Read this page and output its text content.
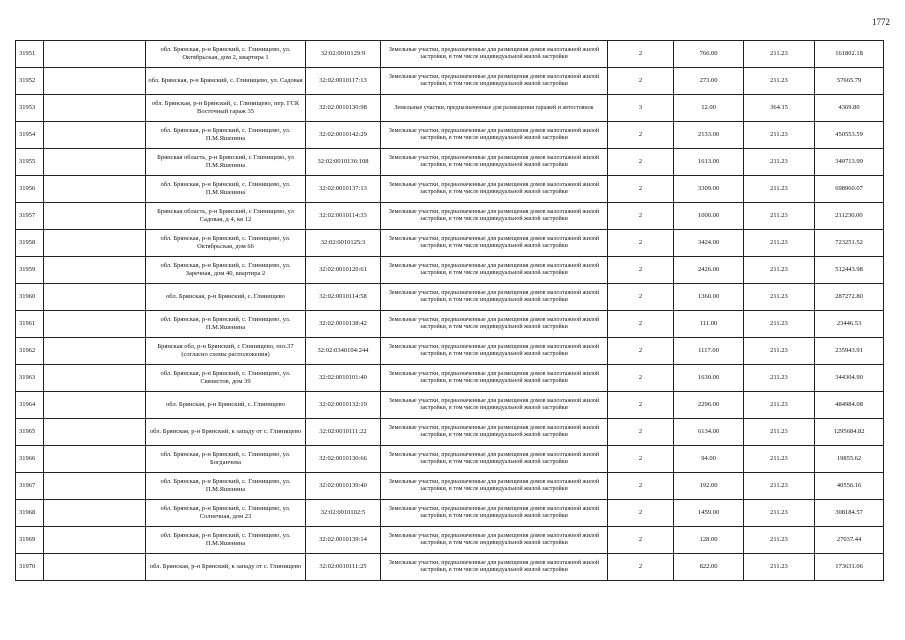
1772
31951		обл. Брянская, р-н Брянский, с. Глинищево, ул. Октябрьская, дом 2, квартира 1	32:02:0010129:9	Земельные участки, предназначенные для размещения домов малоэтажной жилой застройки, в том числе индивидуальной жилой застройки	2	766.00	211.23	161802.18
31952		обл. Брянская, р-н Брянский, с. Глинищево, ул. Садовая	32:02:0010117:13	Земельные участки, предназначенные для размещения домов малоэтажной жилой застройки, в том числе индивидуальной жилой застройки	2	273.00	211.23	57665.79
31953		обл. Брянская, р-н Брянский, с. Глинищево, пер. ГСК Восточный гараж 35	32:02:0010130:98	Земельные участки, предназначенные для размещения гаражей и автостоянок	3	12.00	364.15	4369.80
31954		обл. Брянская, р-н Брянский, с. Глинищево, ул. П.М.Яшенина	32:02:0010142:29	Земельные участки, предназначенные для размещения домов малоэтажной жилой застройки, в том числе индивидуальной жилой застройки	2	2133.00	211.23	450553.59
31955		Брянская область, р-н Брянский, с Глинищево, ул П.М.Яшенина	32:02:0010136:108	Земельные участки, предназначенные для размещения домов малоэтажной жилой застройки, в том числе индивидуальной жилой застройки	2	1613.00	211.23	340713.99
31956		обл. Брянская, р-н Брянский, с. Глинищево, ул. П.М.Яшенина	32:02:0010137:13	Земельные участки, предназначенные для размещения домов малоэтажной жилой застройки, в том числе индивидуальной жилой застройки	2	3309.00	211.23	698960.07
31957		Брянская область, р-н Брянский, с Глинищево, ул Садовая, д 4, кв 12	32:02:0010114:33	Земельные участки, предназначенные для размещения домов малоэтажной жилой застройки, в том числе индивидуальной жилой застройки	2	1000.00	211.23	211230.00
31958		обл. Брянская, р-н Брянский, с. Глинищево, ул. Октябрьская, дом 66	32:02:0010125:3	Земельные участки, предназначенные для размещения домов малоэтажной жилой застройки, в том числе индивидуальной жилой застройки	2	3424.00	211.23	723251.52
31959		обл. Брянская, р-н Брянский, с. Глинищево, ул. Заречная, дом 40, квартира 2	32:02:0010120:61	Земельные участки, предназначенные для размещения домов малоэтажной жилой застройки, в том числе индивидуальной жилой застройки	2	2426.00	211.23	512443.98
31960		обл. Брянская, р-н Брянский, с. Глинищево	32:02:0010114:58	Земельные участки, предназначенные для размещения домов малоэтажной жилой застройки, в том числе индивидуальной жилой застройки	2	1360.00	211.23	287272.80
31961		обл. Брянская, р-н Брянский, с. Глинищево, ул. П.М.Яшенина	32:02:0010138:42	Земельные участки, предназначенные для размещения домов малоэтажной жилой застройки, в том числе индивидуальной жилой застройки	2	111.00	211.23	23446.53
31962		Брянская обл, р-н Брянский, с Глинищево, поз.37 (согласно схемы расположения)	32:02:0340104:244	Земельные участки, предназначенные для размещения домов малоэтажной жилой застройки, в том числе индивидуальной жилой застройки	2	1117.00	211.23	235943.91
31963		обл. Брянская, р-н Брянский, с. Глинищево, ул. Связистов, дом 39	32:02:0010101:40	Земельные участки, предназначенные для размещения домов малоэтажной жилой застройки, в том числе индивидуальной жилой застройки	2	1630.00	211.23	344304.90
31964		обл. Брянская, р-н Брянский, с. Глинищево	32:02:0010132:19	Земельные участки, предназначенные для размещения домов малоэтажной жилой застройки, в том числе индивидуальной жилой застройки	2	2296.00	211.23	484984.08
31965		обл. Брянская, р-н Брянский, к западу от с. Глинищево	32:02:0010111:22	Земельные участки, предназначенные для размещения домов малоэтажной жилой застройки, в том числе индивидуальной жилой застройки	2	6134.00	211.23	1295684.82
31966		обл. Брянская, р-н Брянский, с. Глинищево, ул. Богданчева	32:02:0010130:66	Земельные участки, предназначенные для размещения домов малоэтажной жилой застройки, в том числе индивидуальной жилой застройки	2	94.00	211.23	19855.62
31967		обл. Брянская, р-н Брянский, с. Глинищево, ул. П.М.Яшенина	32:02:0010139:40	Земельные участки, предназначенные для размещения домов малоэтажной жилой застройки, в том числе индивидуальной жилой застройки	2	192.00	211.23	40556.16
31968		обл. Брянская, р-н Брянский, с. Глинищево, ул. Солнечная, дом 23	32:02:0010102:5	Земельные участки, предназначенные для размещения домов малоэтажной жилой застройки, в том числе индивидуальной жилой застройки	2	1459.00	211.23	308184.57
31969		обл. Брянская, р-н Брянский, с. Глинищево, ул. П.М.Яшенина	32:02:0010139:14	Земельные участки, предназначенные для размещения домов малоэтажной жилой застройки, в том числе индивидуальной жилой застройки	2	128.00	211.23	27037.44
31970		обл. Брянская, р-н Брянский, к западу от с. Глинищево	32:02:0010111:25	Земельные участки, предназначенные для размещения домов малоэтажной жилой застройки, в том числе индивидуальной жилой застройки	2	822.00	211.23	173631.06
